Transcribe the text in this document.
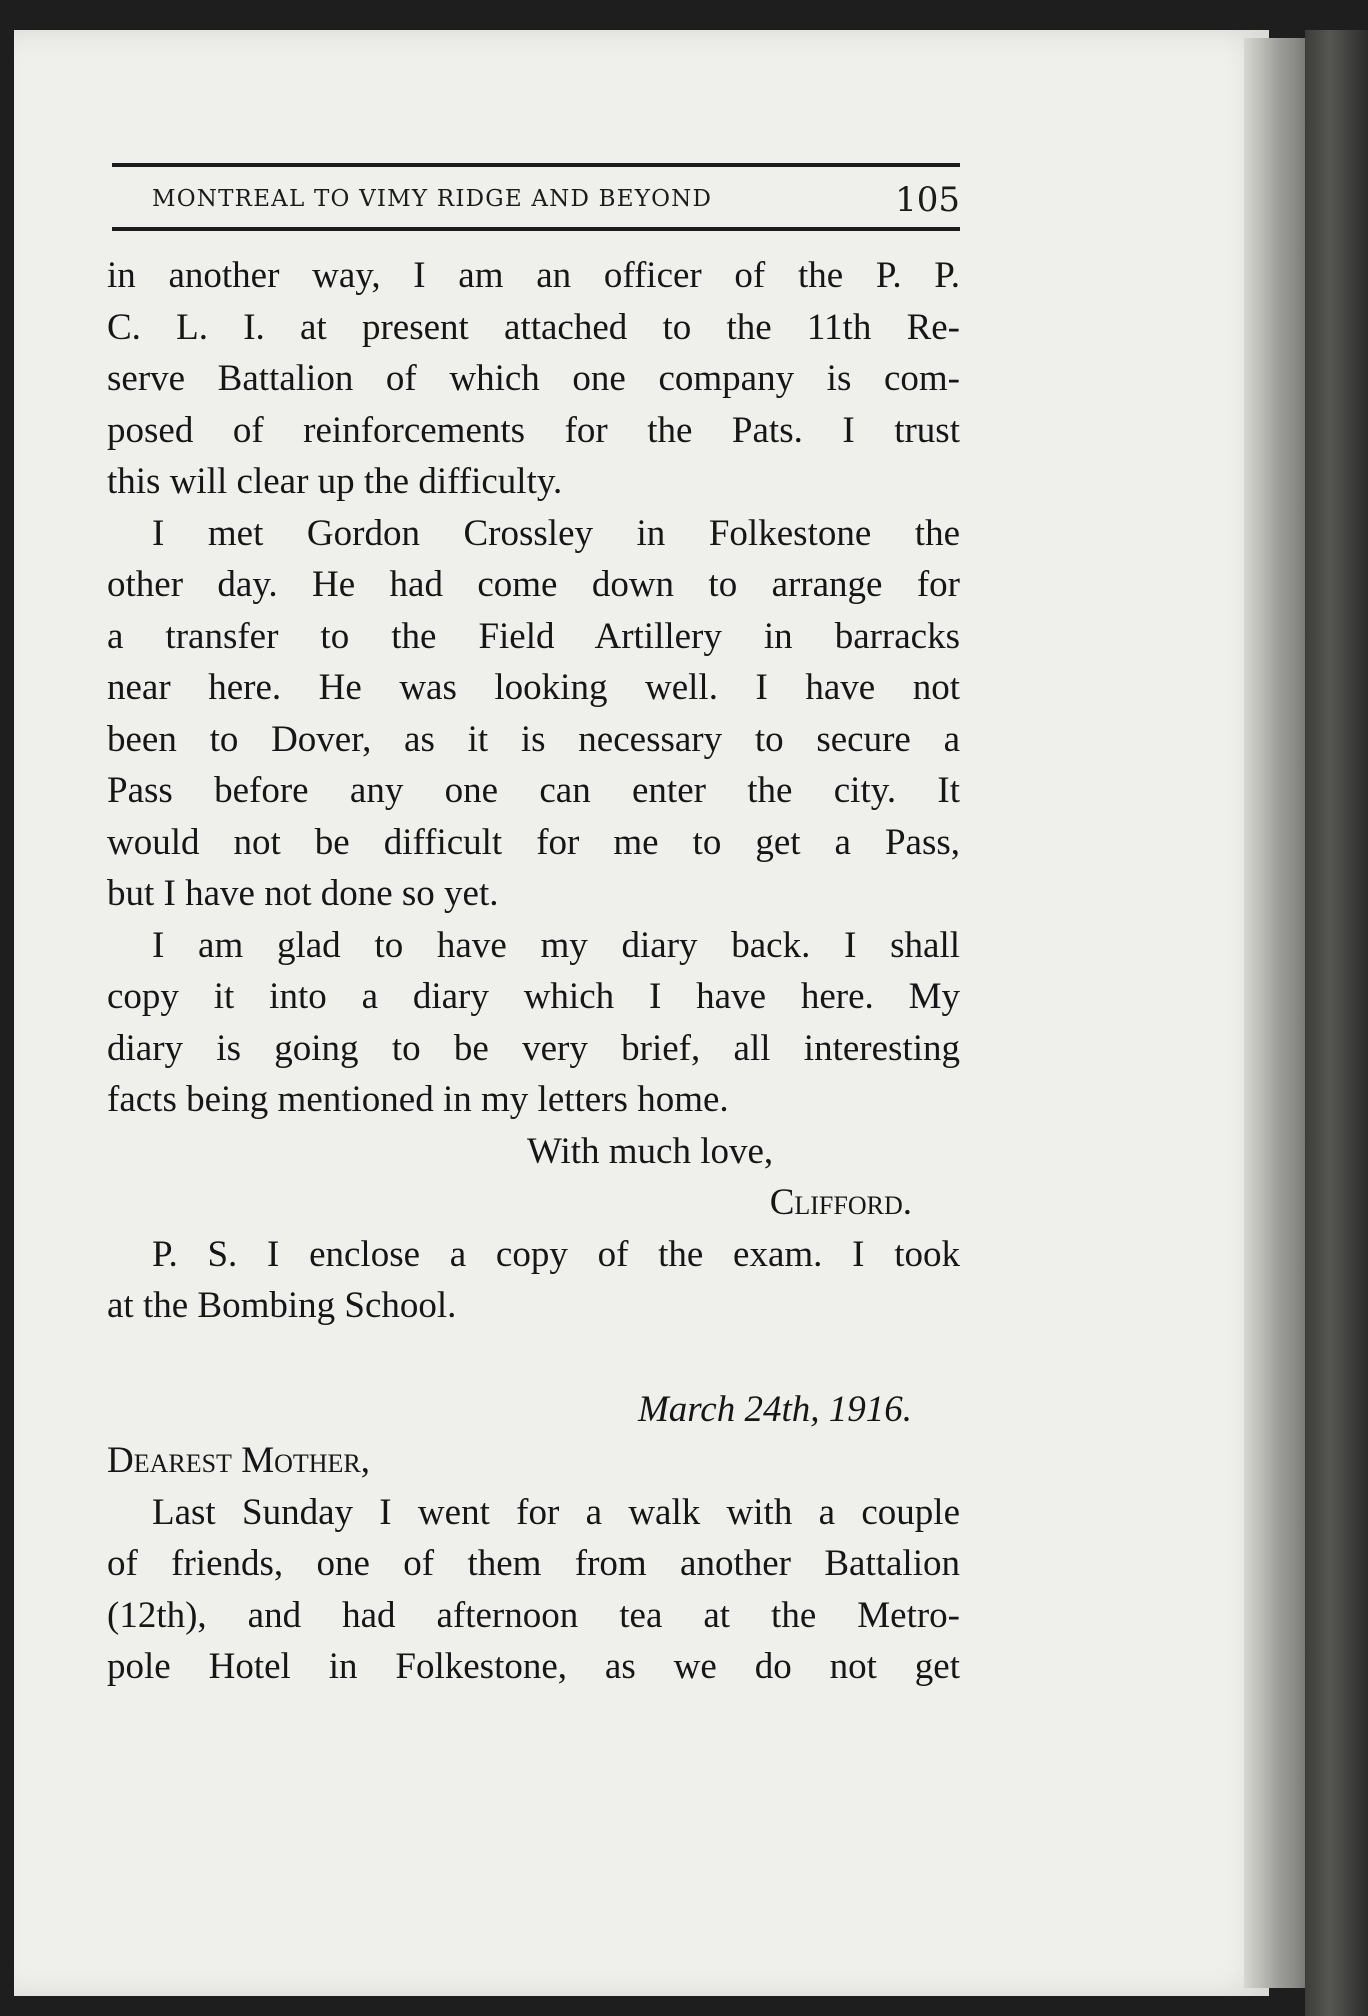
MONTREAL TO VIMY RIDGE AND BEYOND	105
in another way, I am an officer of the P. P.
C. L. I. at present attached to the 11th Re-
serve Battalion of which one company is com-
posed of reinforcements for the Pats. I trust
this will clear up the difficulty.
I met Gordon Crossley in Folkestone the
other day. He had come down to arrange for
a transfer to the Field Artillery in barracks
near here. He was looking well. I have not
been to Dover, as it is necessary to secure a
Pass before any one can enter the city. It
would not be difficult for me to get a Pass,
but I have not done so yet.
I am glad to have my diary back. I shall
copy it into a diary which I have here. My
diary is going to be very brief, all interesting
facts being mentioned in my letters home.
With much love,
Clifford.
P. S. I enclose a copy of the exam. I took
at the Bombing School.
March 24th, 1916.
Dearest Mother,
Last Sunday I went for a walk with a couple
of friends, one of them from another Battalion
(12th), and had afternoon tea at the Metro-
pole Hotel in Folkestone, as we do not get
